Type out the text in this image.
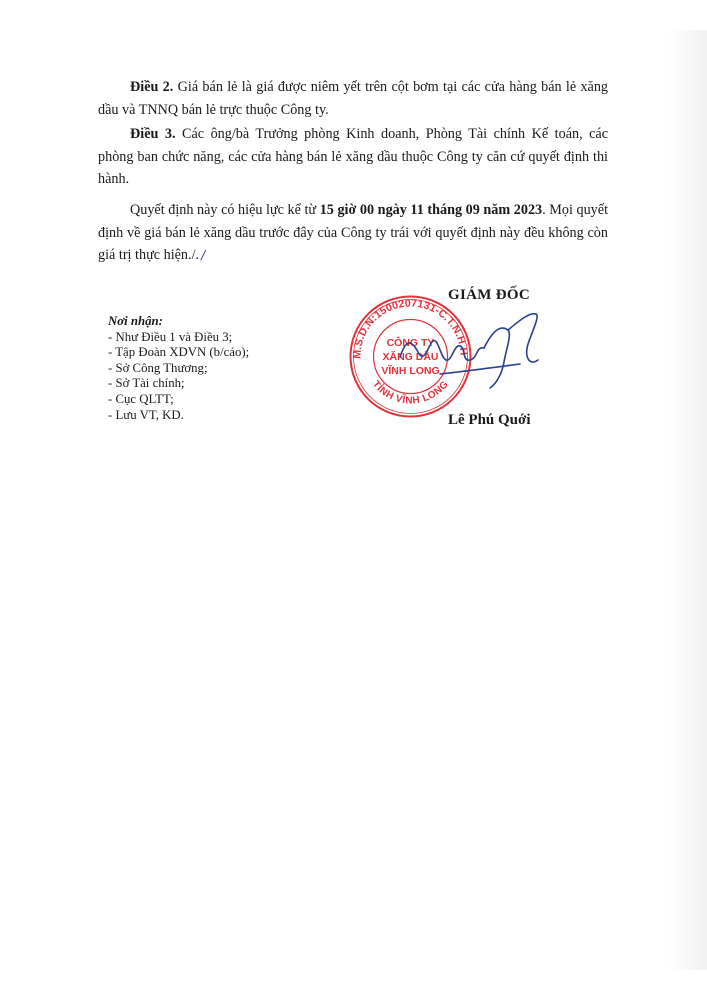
Điều 2. Giá bán lẻ là giá được niêm yết trên cột bơm tại các cửa hàng bán lẻ xăng dầu và TNNQ bán lẻ trực thuộc Công ty.

Điều 3. Các ông/bà Trưởng phòng Kinh doanh, Phòng Tài chính Kế toán, các phòng ban chức năng, các cửa hàng bán lẻ xăng dầu thuộc Công ty căn cứ quyết định thi hành.

Quyết định này có hiệu lực kể từ 15 giờ 00 ngày 11 tháng 09 năm 2023. Mọi quyết định về giá bán lẻ xăng dầu trước đây của Công ty trái với quyết định này đều không còn giá trị thực hiện./. /

Nơi nhận:
- Như Điều 1 và Điều 3;
- Tập Đoàn XDVN (b/cáo);
- Sở Công Thương;
- Sở Tài chính;
- Cục QLTT;
- Lưu VT, KD.
GIÁM ĐỐC
M.S.D.N:1500207131-C.T.N.H.H
TỈNH VĨNH LONG
CÔNG TY
XĂNG DẦU
VĨNH LONG
Lê Phú Quới
